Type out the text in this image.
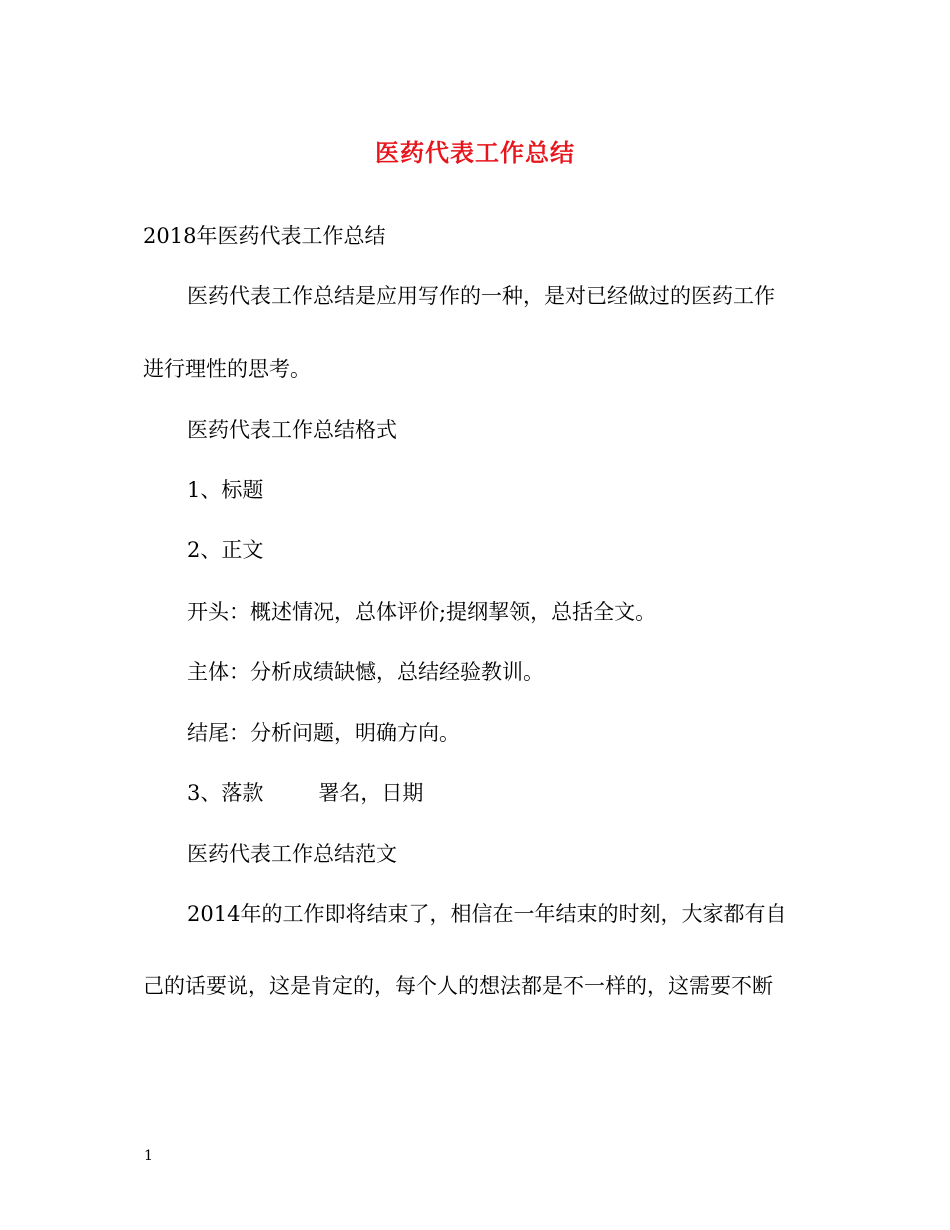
医药代表工作总结
2018年医药代表工作总结
医药代表工作总结是应用写作的一种，是对已经做过的医药工作
进行理性的思考。
医药代表工作总结格式
1、标题
2、正文
开头：概述情况，总体评价;提纲挈领，总括全文。
主体：分析成绩缺憾，总结经验教训。
结尾：分析问题，明确方向。
3、落款	署名，日期
医药代表工作总结范文
2014年的工作即将结束了，相信在一年结束的时刻，大家都有自
己的话要说，这是肯定的，每个人的想法都是不一样的，这需要不断
1
